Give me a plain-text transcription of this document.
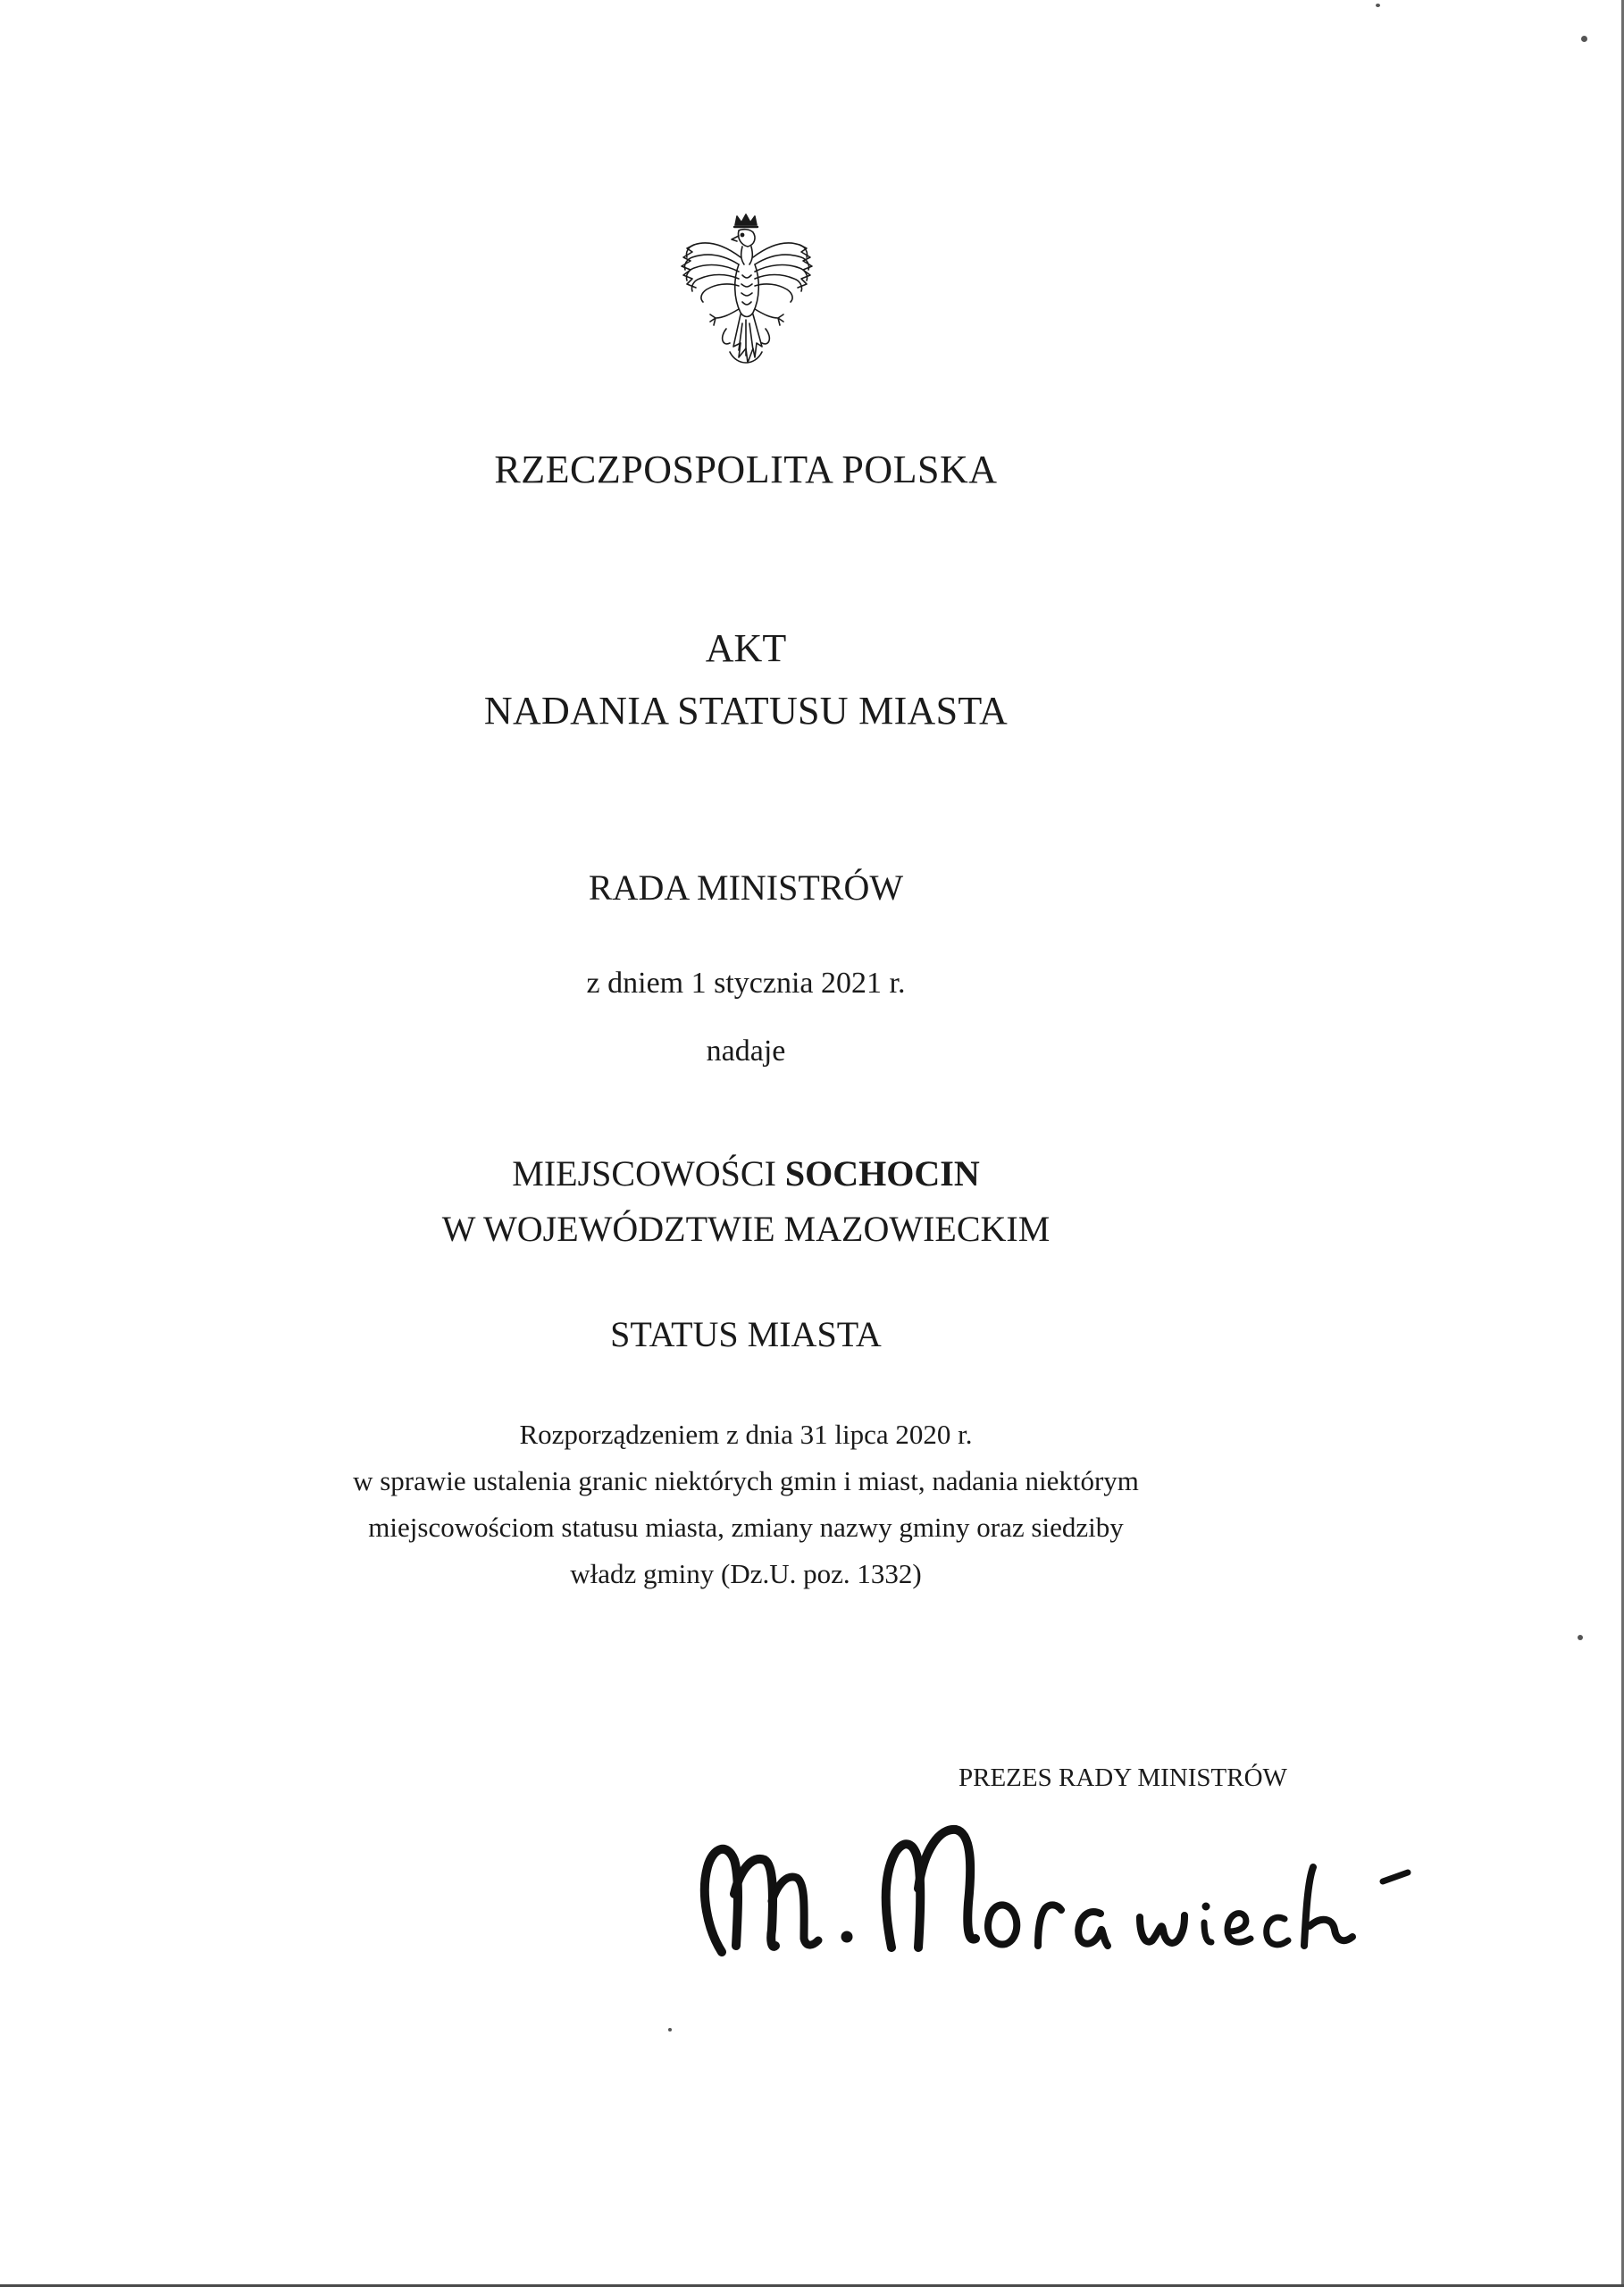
RZECZPOSPOLITA POLSKA
AKT
NADANIA STATUSU MIASTA
RADA MINISTRÓW
z dniem 1 stycznia 2021 r.
nadaje
MIEJSCOWOŚCI SOCHOCIN
W WOJEWÓDZTWIE MAZOWIECKIM
STATUS MIASTA
Rozporządzeniem z dnia 31 lipca 2020 r.
w sprawie ustalenia granic niektórych gmin i miast, nadania niektórym
miejscowościom statusu miasta, zmiany nazwy gminy oraz siedziby
władz gminy (Dz.U. poz. 1332)
PREZES RADY MINISTRÓW
